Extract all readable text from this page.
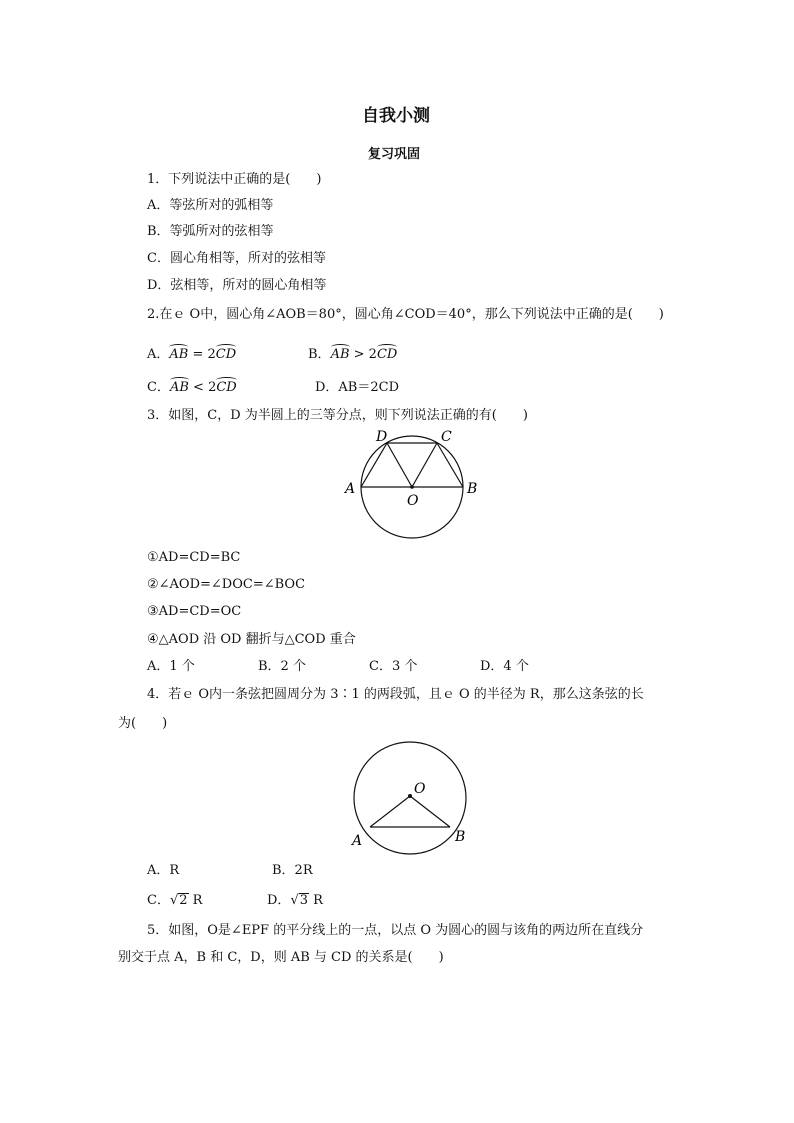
自我小测
复习巩固
1．下列说法中正确的是(　　)
A．等弦所对的弧相等
B．等弧所对的弦相等
C．圆心角相等，所对的弦相等
D．弦相等，所对的圆心角相等
2.在ｅ O中，圆心角∠AOB＝80°，圆心角∠COD＝40°，那么下列说法中正确的是(　　)
A．AB = 2CD	B．AB > 2CD
C．AB < 2CD	D．AB＝2CD
3．如图，C，D 为半圆上的三等分点，则下列说法正确的有(　　)
A	B
D	C
O
①AD=CD=BC
②∠AOD=∠DOC=∠BOC
③AD=CD=OC
④△AOD 沿 OD 翻折与△COD 重合
A．1 个	B．2 个	C．3 个	D．4 个
4．若ｅ O内一条弦把圆周分为 3∶1 的两段弧，且ｅ O 的半径为 R，那么这条弦的长
为(　　)
O
A	B
A．R	B．2R
C．√2 R	D．√3 R
5．如图，O是∠EPF 的平分线上的一点，以点 O 为圆心的圆与该角的两边所在直线分
别交于点 A，B 和 C，D，则 AB 与 CD 的关系是(　　)
